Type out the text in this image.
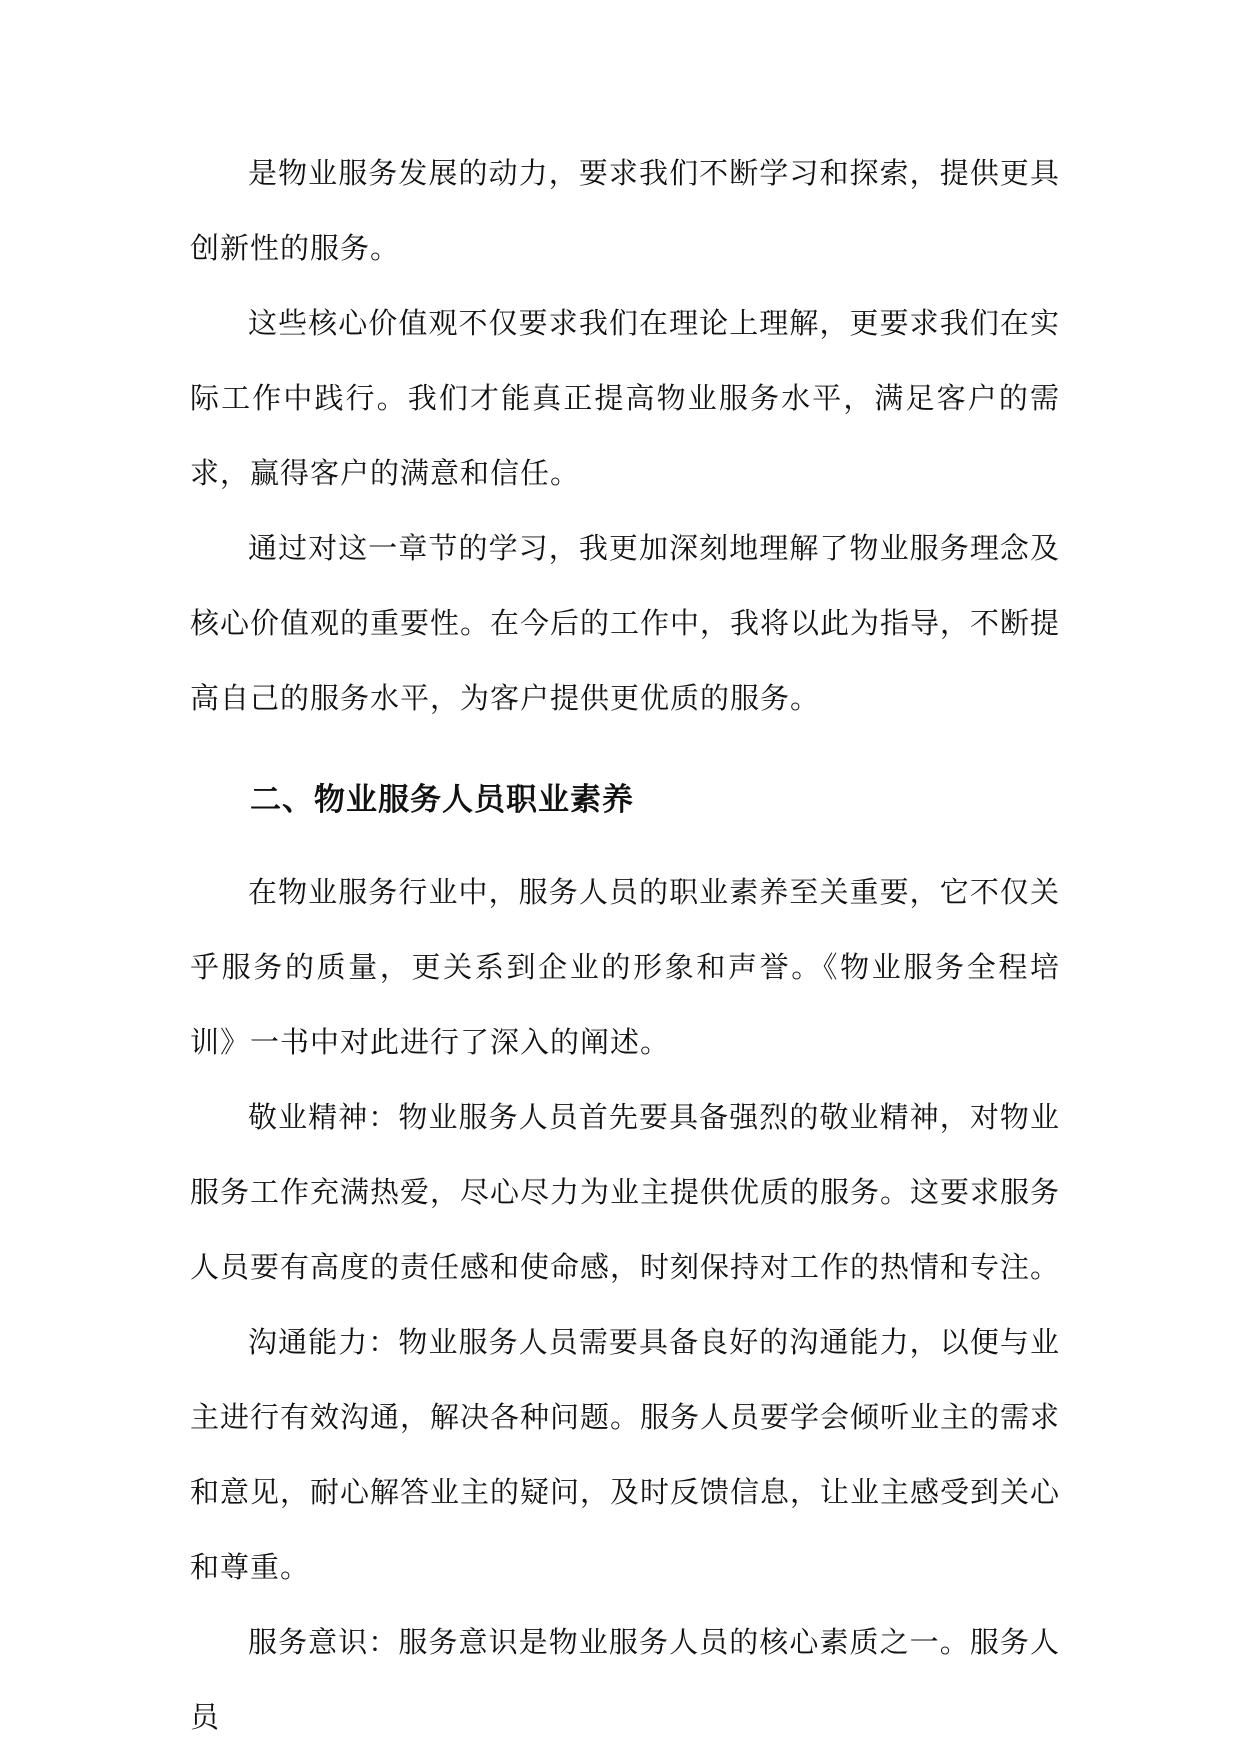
是物业服务发展的动力，要求我们不断学习和探索，提供更具创新性的服务。

这些核心价值观不仅要求我们在理论上理解，更要求我们在实际工作中践行。我们才能真正提高物业服务水平，满足客户的需求，赢得客户的满意和信任。

通过对这一章节的学习，我更加深刻地理解了物业服务理念及核心价值观的重要性。在今后的工作中，我将以此为指导，不断提高自己的服务水平，为客户提供更优质的服务。

二、物业服务人员职业素养

在物业服务行业中，服务人员的职业素养至关重要，它不仅关乎服务的质量，更关系到企业的形象和声誉。《物业服务全程培训》一书中对此进行了深入的阐述。

敬业精神：物业服务人员首先要具备强烈的敬业精神，对物业服务工作充满热爱，尽心尽力为业主提供优质的服务。这要求服务人员要有高度的责任感和使命感，时刻保持对工作的热情和专注。

沟通能力：物业服务人员需要具备良好的沟通能力，以便与业主进行有效沟通，解决各种问题。服务人员要学会倾听业主的需求和意见，耐心解答业主的疑问，及时反馈信息，让业主感受到关心和尊重。

服务意识：服务意识是物业服务人员的核心素质之一。服务人员
